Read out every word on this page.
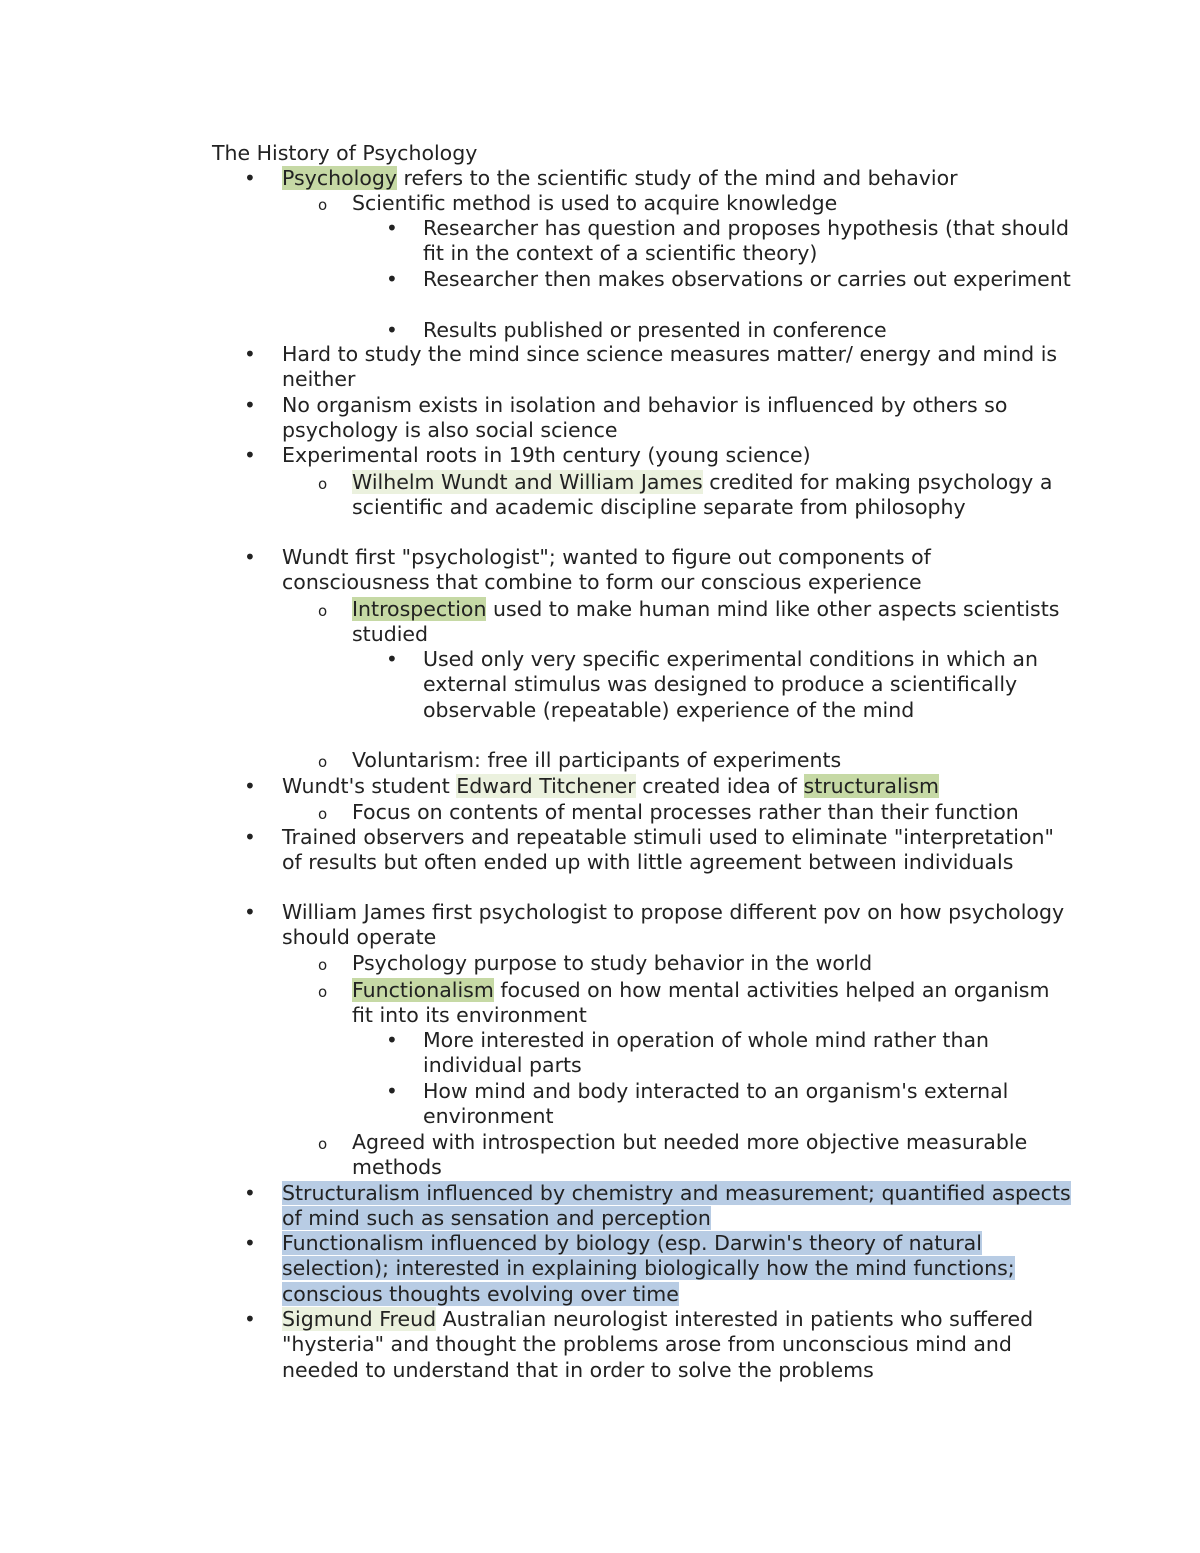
The History of Psychology
• Psychology refers to the scientific study of the mind and behavior
o Scientific method is used to acquire knowledge
• Researcher has question and proposes hypothesis (that should fit in the context of a scientific theory)
• Researcher then makes observations or carries out experiment
• Results published or presented in conference
• Hard to study the mind since science measures matter/ energy and mind is neither
• No organism exists in isolation and behavior is influenced by others so psychology is also social science
• Experimental roots in 19th century (young science)
o Wilhelm Wundt and William James credited for making psychology a scientific and academic discipline separate from philosophy
• Wundt first "psychologist"; wanted to figure out components of consciousness that combine to form our conscious experience
o Introspection used to make human mind like other aspects scientists studied
• Used only very specific experimental conditions in which an external stimulus was designed to produce a scientifically observable (repeatable) experience of the mind
o Voluntarism: free ill participants of experiments
• Wundt's student Edward Titchener created idea of structuralism
o Focus on contents of mental processes rather than their function
• Trained observers and repeatable stimuli used to eliminate "interpretation" of results but often ended up with little agreement between individuals
• William James first psychologist to propose different pov on how psychology should operate
o Psychology purpose to study behavior in the world
o Functionalism focused on how mental activities helped an organism fit into its environment
• More interested in operation of whole mind rather than individual parts
• How mind and body interacted to an organism's external environment
o Agreed with introspection but needed more objective measurable methods
• Structuralism influenced by chemistry and measurement; quantified aspects of mind such as sensation and perception
• Functionalism influenced by biology (esp. Darwin's theory of natural selection); interested in explaining biologically how the mind functions; conscious thoughts evolving over time
• Sigmund Freud Australian neurologist interested in patients who suffered "hysteria" and thought the problems arose from unconscious mind and needed to understand that in order to solve the problems
